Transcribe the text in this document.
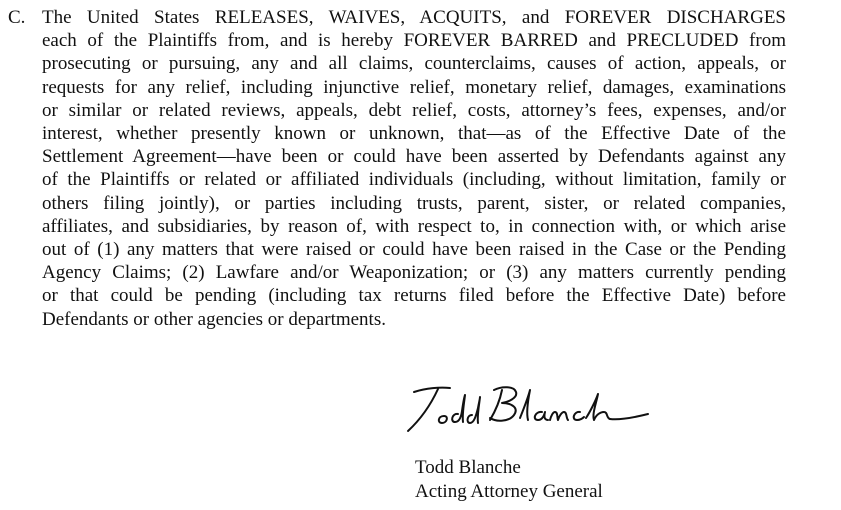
C. The United States RELEASES, WAIVES, ACQUITS, and FOREVER DISCHARGES
each of the Plaintiffs from, and is hereby FOREVER BARRED and PRECLUDED from
prosecuting or pursuing, any and all claims, counterclaims, causes of action, appeals, or
requests for any relief, including injunctive relief, monetary relief, damages, examinations
or similar or related reviews, appeals, debt relief, costs, attorney’s fees, expenses, and/or
interest, whether presently known or unknown, that—as of the Effective Date of the
Settlement Agreement—have been or could have been asserted by Defendants against any
of the Plaintiffs or related or affiliated individuals (including, without limitation, family or
others filing jointly), or parties including trusts, parent, sister, or related companies,
affiliates, and subsidiaries, by reason of, with respect to, in connection with, or which arise
out of (1) any matters that were raised or could have been raised in the Case or the Pending
Agency Claims; (2) Lawfare and/or Weaponization; or (3) any matters currently pending
or that could be pending (including tax returns filed before the Effective Date) before
Defendants or other agencies or departments.
Todd Blanche
Acting Attorney General
